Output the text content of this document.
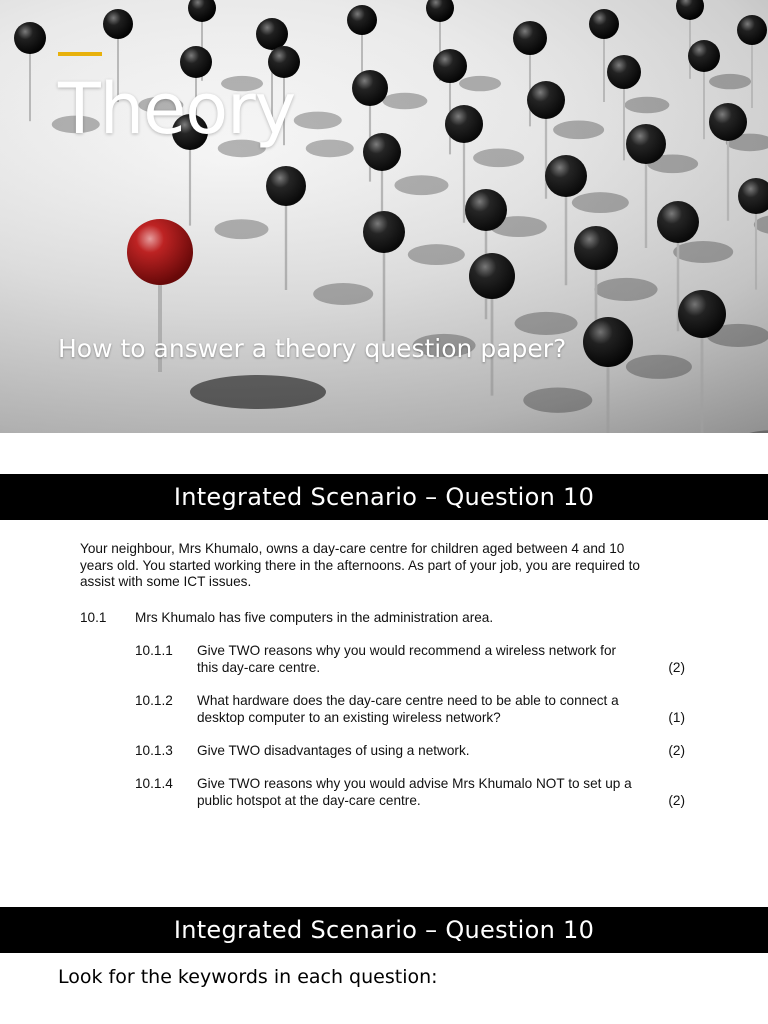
Theory

How to answer a theory question paper?

Integrated Scenario – Question 10

Your neighbour, Mrs Khumalo, owns a day-care centre for children aged between 4 and 10 years old. You started working there in the afternoons. As part of your job, you are required to assist with some ICT issues.

10.1	Mrs Khumalo has five computers in the administration area.
10.1.1	Give TWO reasons why you would recommend a wireless network for this day-care centre.	(2)
10.1.2	What hardware does the day-care centre need to be able to connect a desktop computer to an existing wireless network?	(1)
10.1.3	Give TWO disadvantages of using a network.	(2)
10.1.4	Give TWO reasons why you would advise Mrs Khumalo NOT to set up a public hotspot at the day-care centre.	(2)
Integrated Scenario – Question 10

Look for the keywords in each question:
